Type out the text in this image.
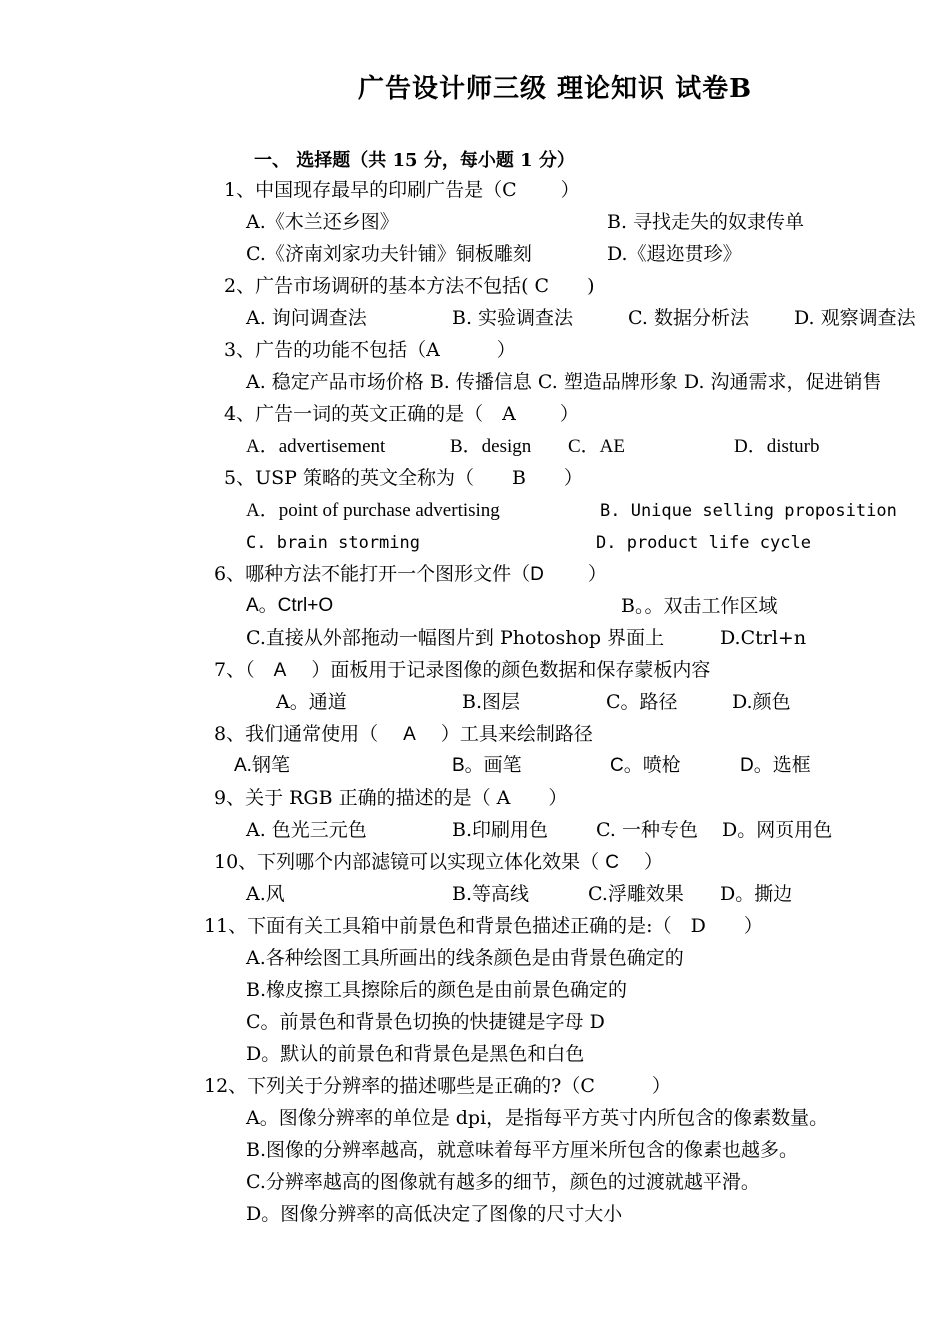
广告设计师三级 理论知识 试卷B
一、 选择题（共 15 分，每小题 1 分）
1、中国现存最早的印刷广告是（C　　 ）
A.《木兰还乡图》	B. 寻找走失的奴隶传单
C.《济南刘家功夫针铺》铜板雕刻	D.《遐迩贯珍》
2、广告市场调研的基本方法不包括( C　　)
A. 询问调查法	B. 实验调查法	C. 数据分析法 D. 观察调查法
3、广告的功能不包括（A　　　）
A. 稳定产品市场价格 B. 传播信息 C. 塑造品牌形象 D. 沟通需求，促进销售
4、广告一词的英文正确的是（　A　　 ）
A．advertisement	B．design C．AE	D．disturb
5、USP 策略的英文全称为（　　B　　）
A．point of purchase advertising	B. Unique selling proposition
C. brain storming	D. product life cycle
6、哪种方法不能打开一个图形文件（D　　 ）
A。Ctrl+O	B。。双击工作区域
C.直接从外部拖动一幅图片到 Photoshop 界面上	D.Ctrl+n
7、（　A　 ）面板用于记录图像的颜色数据和保存蒙板内容
A。通道	B.图层	C。路径	D.颜色
8、我们通常使用（　 A　 ）工具来绘制路径
A.钢笔	B。画笔	C。喷枪	D。选框
9、关于 RGB 正确的描述的是（ A　　）
A. 色光三元色	B.印刷用色	C. 一种专色 D。网页用色
10、下列哪个内部滤镜可以实现立体化效果（ C　 ）
A.风	B.等高线	C.浮雕效果 D。撕边
11、下面有关工具箱中前景色和背景色描述正确的是:（　D　　）
A.各种绘图工具所画出的线条颜色是由背景色确定的
B.橡皮擦工具擦除后的颜色是由前景色确定的
C。前景色和背景色切换的快捷键是字母 D
D。默认的前景色和背景色是黑色和白色
12、下列关于分辨率的描述哪些是正确的?（C　　　）
A。图像分辨率的单位是 dpi，是指每平方英寸内所包含的像素数量。
B.图像的分辨率越高，就意味着每平方厘米所包含的像素也越多。
C.分辨率越高的图像就有越多的细节，颜色的过渡就越平滑。
D。图像分辨率的高低决定了图像的尺寸大小
